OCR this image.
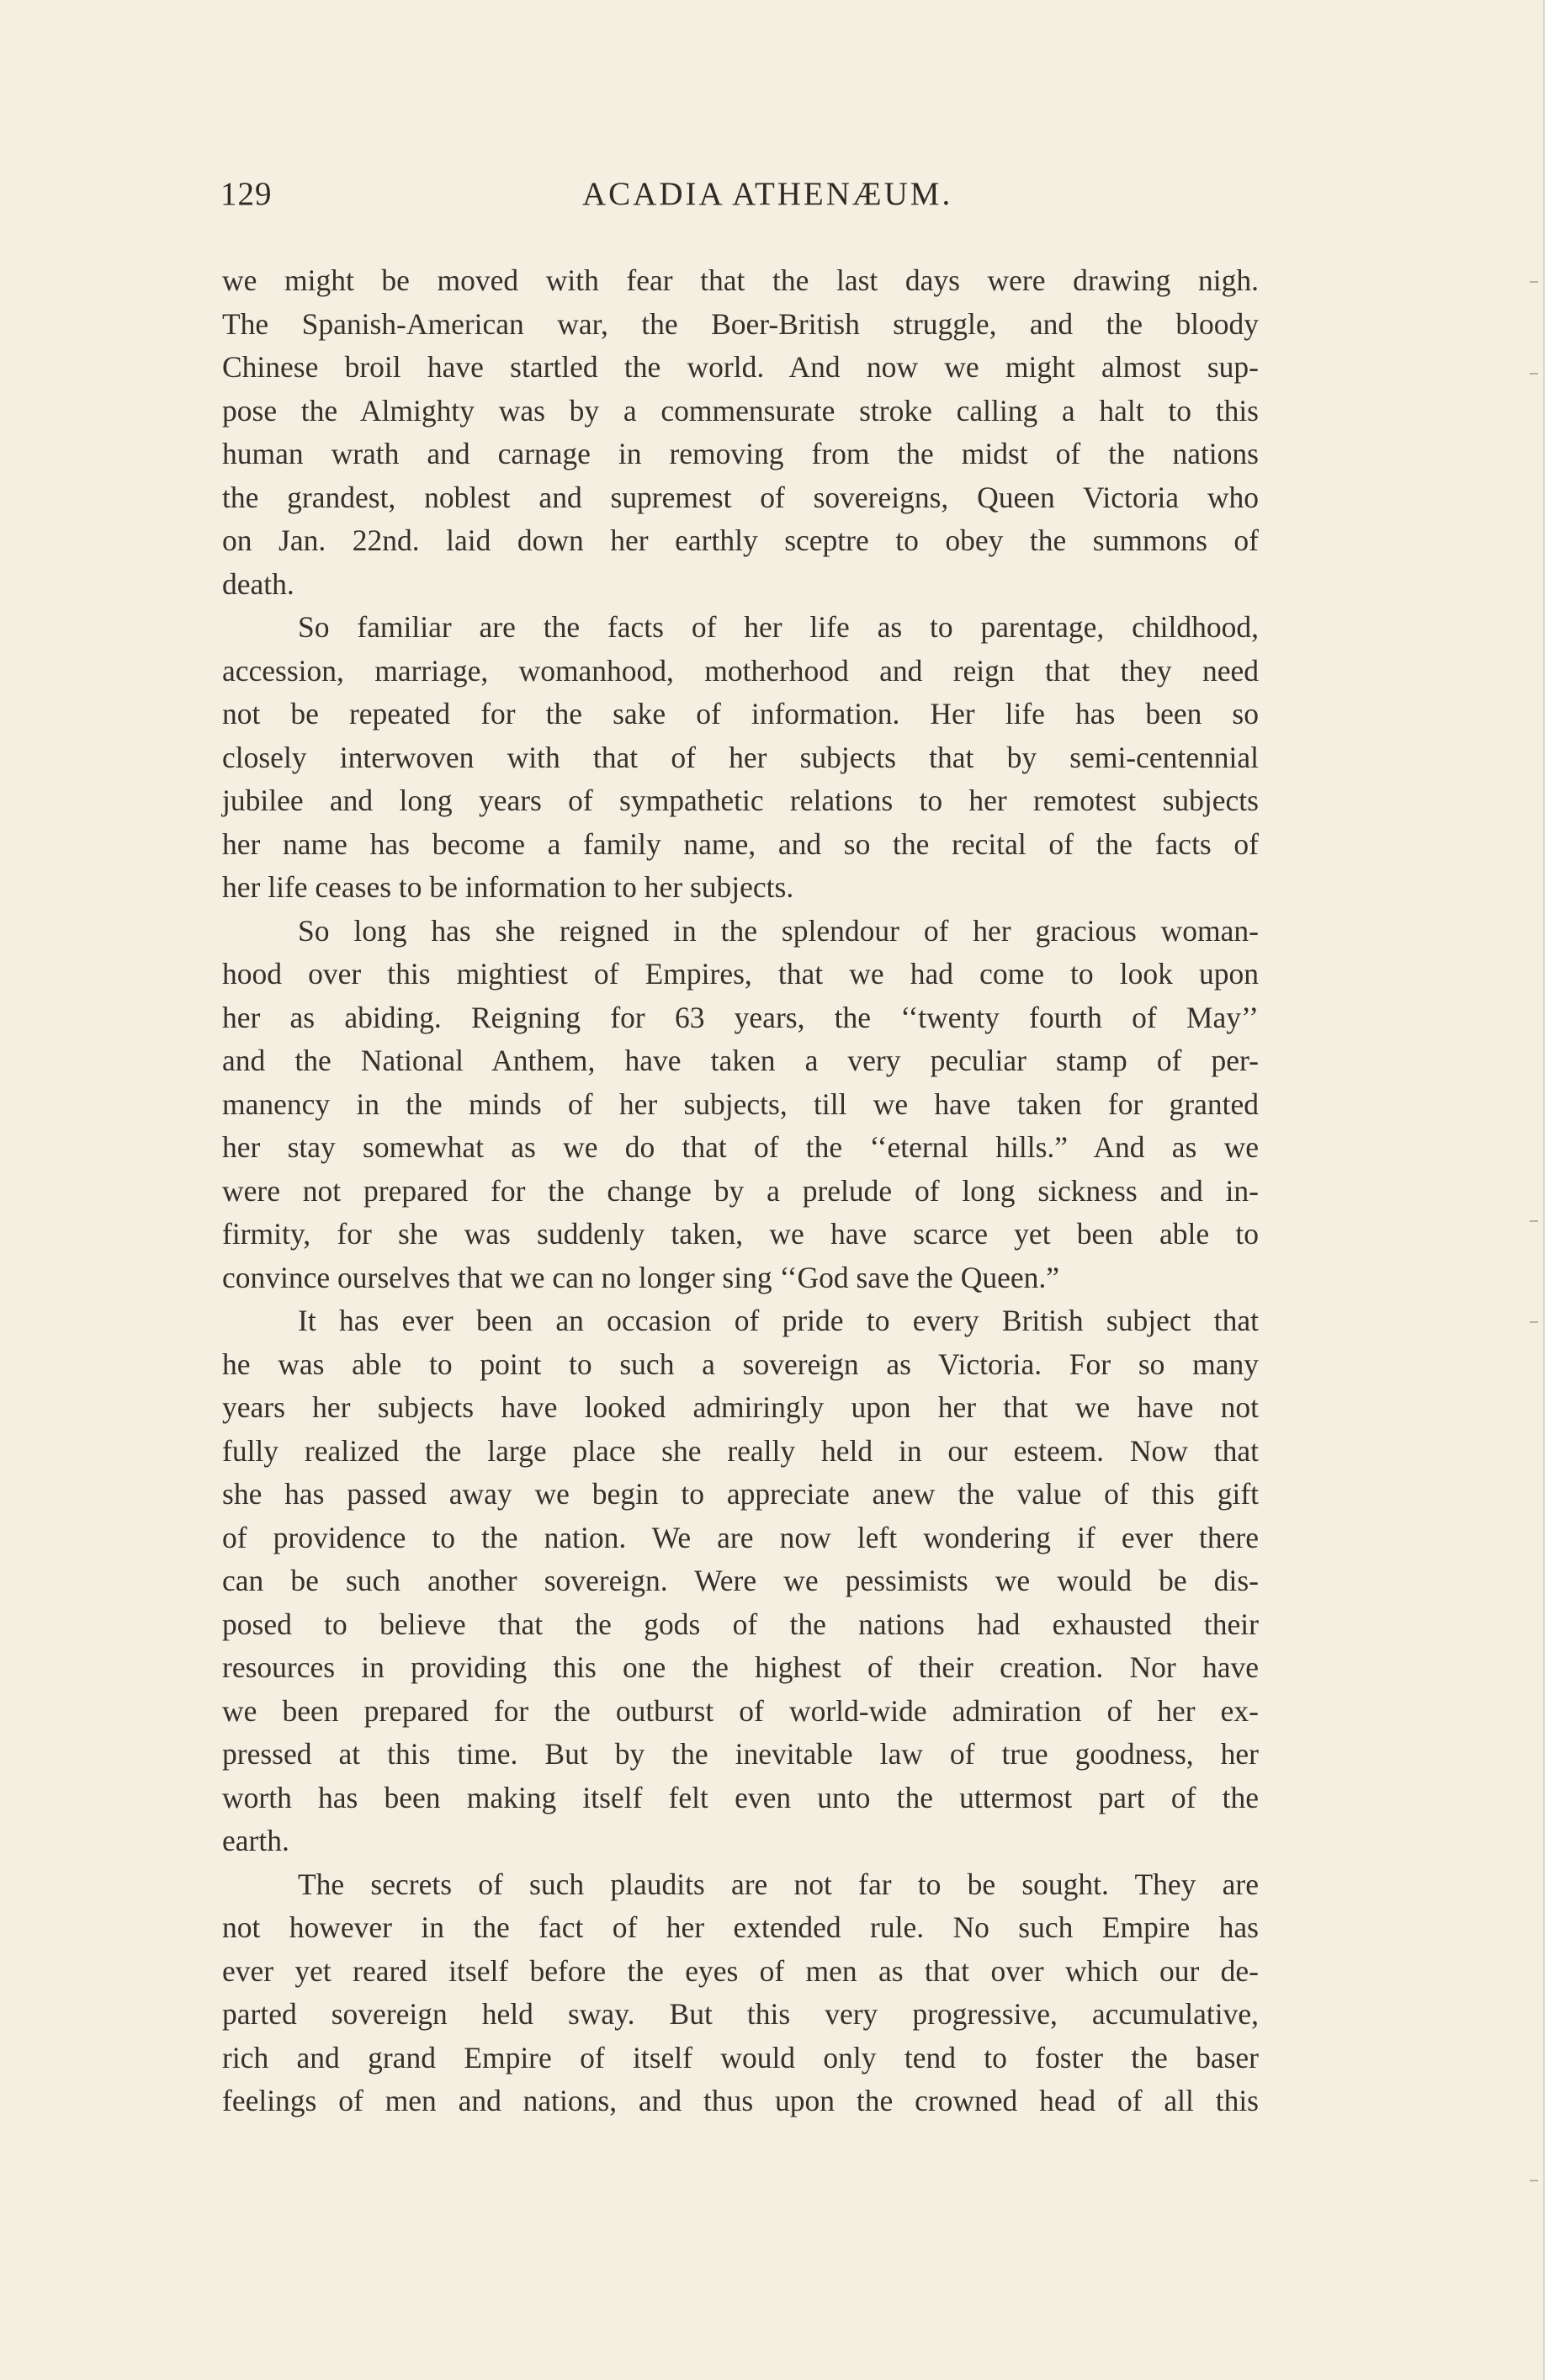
129	ACADIA ATHENÆUM.
we might be moved with fear that the last days were drawing nigh.
The Spanish-American war, the Boer-British struggle, and the bloody
Chinese broil have startled the world. And now we might almost sup-
pose the Almighty was by a commensurate stroke calling a halt to this
human wrath and carnage in removing from the midst of the nations
the grandest, noblest and supremest of sovereigns, Queen Victoria who
on Jan. 22nd. laid down her earthly sceptre to obey the summons of
death.
So familiar are the facts of her life as to parentage, childhood,
accession, marriage, womanhood, motherhood and reign that they need
not be repeated for the sake of information. Her life has been so
closely interwoven with that of her subjects that by semi-centennial
jubilee and long years of sympathetic relations to her remotest subjects
her name has become a family name, and so the recital of the facts of
her life ceases to be information to her subjects.
So long has she reigned in the splendour of her gracious woman-
hood over this mightiest of Empires, that we had come to look upon
her as abiding. Reigning for 63 years, the ‘‘twenty fourth of May’’
and the National Anthem, have taken a very peculiar stamp of per-
manency in the minds of her subjects, till we have taken for granted
her stay somewhat as we do that of the ‘‘eternal hills.” And as we
were not prepared for the change by a prelude of long sickness and in-
firmity, for she was suddenly taken, we have scarce yet been able to
convince ourselves that we can no longer sing ‘‘God save the Queen.”
It has ever been an occasion of pride to every British subject that
he was able to point to such a sovereign as Victoria. For so many
years her subjects have looked admiringly upon her that we have not
fully realized the large place she really held in our esteem. Now that
she has passed away we begin to appreciate anew the value of this gift
of providence to the nation. We are now left wondering if ever there
can be such another sovereign. Were we pessimists we would be dis-
posed to believe that the gods of the nations had exhausted their
resources in providing this one the highest of their creation. Nor have
we been prepared for the outburst of world-wide admiration of her ex-
pressed at this time. But by the inevitable law of true goodness, her
worth has been making itself felt even unto the uttermost part of the
earth.
The secrets of such plaudits are not far to be sought. They are
not however in the fact of her extended rule. No such Empire has
ever yet reared itself before the eyes of men as that over which our de-
parted sovereign held sway. But this very progressive, accumulative,
rich and grand Empire of itself would only tend to foster the baser
feelings of men and nations, and thus upon the crowned head of all this
